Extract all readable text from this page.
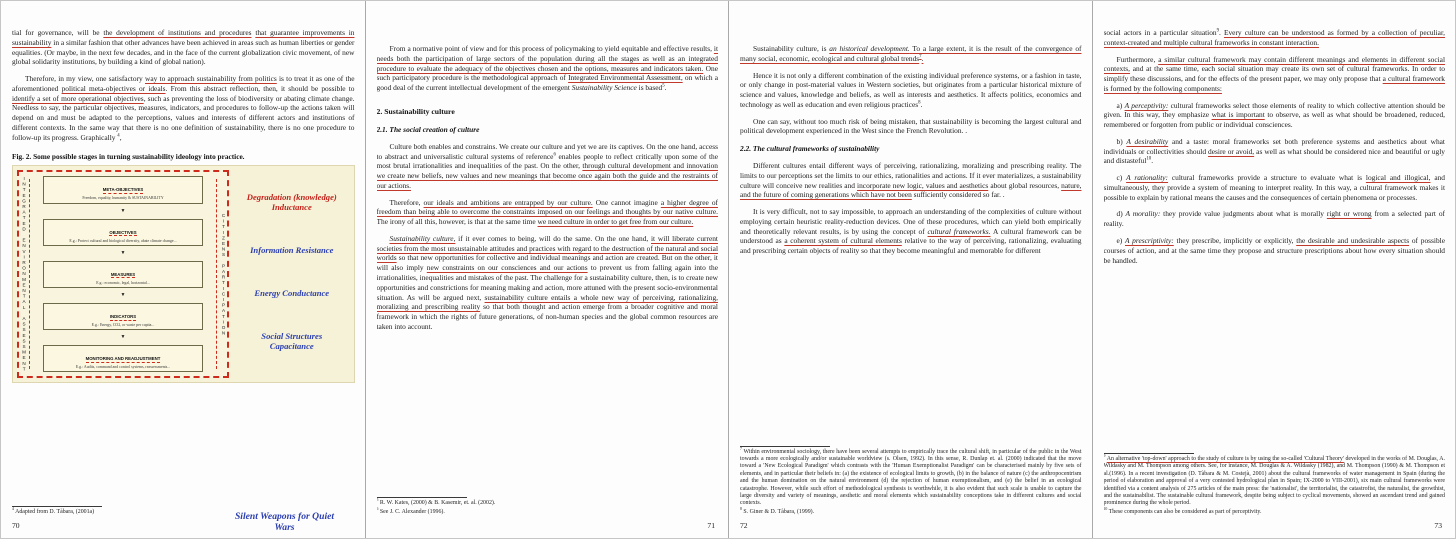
tial for governance, will be the development of institutions and procedures that guarantee improvements in sustainability in a similar fashion that other advances have been achieved in areas such as human liberties or gender equalities. (Or maybe, in the next few decades, and in the face of the current globalization civic movement, of new global solidarity institutions, by building a kind of global nation).

Therefore, in my view, one satisfactory way to approach sustainability from politics is to treat it as one of the aforementioned political meta-objectives or ideals. From this abstract reflection, then, it should be possible to identify a set of more operational objectives, such as preventing the loss of biodiversity or abating climate change. Needless to say, the particular objectives, measures, indicators, and procedures to follow-up the actions taken will depend on and must be adapted to the perceptions, values and interests of different actors and institutions of different contexts. In the same way that there is no one definition of sustainability, there is no one procedure to follow-up its progress. Graphically $^4$,

Fig. 2. Some possible stages in turning sustainability ideology into practice.

INTEGRATED ENVIRONMENTAL ASSESSMENT	META-OBJECTIVES
Freedom, equality, humanity & SUSTAINABILITY
▼
OBJECTIVES
E.g.: Protect cultural and biological diversity, abate climate change...
▼
MEASURES
E.g.: economic, legal, horizontal...
▼
INDICATORS
E.g.: Energy, CO2, or waste per capita...
▼
MONITORING AND READJUSTMENT
E.g.: Audits, command and control systems, reassessments...
CITIZENS PARTICIPATION
Degradation (knowledge) Inductance
Information Resistance
Energy Conductance
Social Structures Capacitance

$^4$ Adapted from D. Tàbara, (2001a)

70
Silent Weapons for Quiet Wars

From a normative point of view and for this process of policymaking to yield equitable and effective results, it needs both the participation of large sectors of the population during all the stages as well as an integrated procedure to evaluate the adequacy of the objectives chosen and the options, measures and indicators taken. One such participatory procedure is the methodological approach of Integrated Environmental Assessment, on which a good deal of the current intellectual development of the emergent Sustainability Science is based$^5$.

2. Sustainability culture
2.1. The social creation of culture

Culture both enables and constrains. We create our culture and yet we are its captives. On the one hand, access to abstract and universalistic cultural systems of reference$^6$ enables people to reflect critically upon some of the most brutal irrationalities and inequalities of the past. On the other, through cultural development and innovation we create new beliefs, new values and new meanings that become once again both the guide and the restraints of our actions.

Therefore, our ideals and ambitions are entrapped by our culture. One cannot imagine a higher degree of freedom than being able to overcome the constraints imposed on our feelings and thoughts by our native culture. The irony of all this, however, is that at the same time we need culture in order to get free from our culture.

Sustainability culture, if it ever comes to being, will do the same. On the one hand, it will liberate current societies from the most unsustainable attitudes and practices with regard to the destruction of the natural and social worlds so that new opportunities for collective and individual meanings and action are created. But on the other, it will also imply new constraints on our consciences and our actions to prevent us from falling again into the irrationalities, inequalities and mistakes of the past. The challenge for a sustainability culture, then, is to create new opportunities and constrictions for meaning making and action, more attuned with the present socio-environmental situation. As will be argued next, sustainability culture entails a whole new way of perceiving, rationalizing, moralizing and prescribing reality so that both thought and action emerge from a broader cognitive and moral framework in which the rights of future generations, of non-human species and the global common resources are taken into account.

$^5$ R. W. Kates, (2000) & B. Kasemir, et. al. (2002).

$^6$ See J. C. Alexander (1996).

71

Sustainability culture, is an historical development. To a large extent, it is the result of the convergence of many social, economic, ecological and cultural global trends$^7$.

Hence it is not only a different combination of the existing individual preference systems, or a fashion in taste, or only change in post-material values in Western societies, but originates from a particular historical mixture of science and values, knowledge and beliefs, as well as interests and aesthetics. It affects politics, economics and technology as well as education and even religious practices$^8$.

One can say, without too much risk of being mistaken, that sustainability is becoming the largest cultural and political development experienced in the West since the French Revolution. .

2.2. The cultural frameworks of sustainability

Different cultures entail different ways of perceiving, rationalizing, moralizing and prescribing reality. The limits to our perceptions set the limits to our ethics, rationalities and actions. If it ever materializes, a sustainability culture will conceive new realities and incorporate new logic, values and aesthetics about global resources, nature, and the future of coming generations which have not been sufficiently considered so far. .

It is very difficult, not to say impossible, to approach an understanding of the complexities of culture without employing certain heuristic reality-reduction devices. One of these procedures, which can yield both empirically and theoretically relevant results, is by using the concept of cultural frameworks. A cultural framework can be understood as a coherent system of cultural elements relative to the way of perceiving, rationalizing, evaluating and prescribing certain objects of reality so that they become meaningful and memorable for different

$^7$ Within environmental sociology, there have been several attempts to empirically trace the cultural shift, in particular of the public in the West towards a more ecologically and/or sustainable worldview (s. Olsen, 1992). In this sense, R. Dunlap et. al. (2000) indicated that the move toward a 'New Ecological Paradigm' which contrasts with the 'Human Exemptionalist Paradigm' can be characterised mainly by five sets of elements, and in particular their beliefs in: (a) the existence of ecological limits to growth, (b) in the balance of nature (c) the anthropocentrism and the human domination on the natural environment (d) the rejection of human exemptionalism, and (e) the belief in an ecological catastrophe. However, while such effort of methodological synthesis is worthwhile, it is also evident that such scale is unable to capture the large diversity and variety of meanings, aesthetic and moral elements which sustainability conceptions take in different cultures and social contexts.

$^8$ S. Giner & D. Tàbara, (1999).

72

social actors in a particular situation$^9$. Every culture can be understood as formed by a collection of peculiar, context-created and multiple cultural frameworks in constant interaction.

Furthermore, a similar cultural framework may contain different meanings and elements in different social contexts, and at the same time, each social situation may create its own set of cultural frameworks. In order to simplify these discussions, and for the effects of the present paper, we may only propose that a cultural framework is formed by the following components:

a) A perceptivity: cultural frameworks select those elements of reality to which collective attention should be given. In this way, they emphasize what is important to observe, as well as what should be broadened, reduced, remembered or forgotten from public or individual consciences.

b) A desirability and a taste: moral frameworks set both preference systems and aesthetics about what individuals or collectivities should desire or avoid, as well as what should be considered nice and beautiful or ugly and distasteful$^{10}$.

c) A rationality: cultural frameworks provide a structure to evaluate what is logical and illogical, and simultaneously, they provide a system of meaning to interpret reality. In this way, a cultural framework makes it possible to explain by rational means the causes and the consequences of certain phenomena or processes.

d) A morality: they provide value judgments about what is morally right or wrong from a selected part of reality.

e) A prescriptivity: they prescribe, implicitly or explicitly, the desirable and undesirable aspects of possible courses of action, and at the same time they propose and structure prescriptions about how every situation should be handled.

$^9$ An alternative 'top-down' approach to the study of culture is by using the so-called 'Cultural Theory' developed in the works of M. Douglas, A. Wildasky and M. Thompson among others. See, for instance, M. Douglas & A. Wildasky (1982), and M. Thompson (1990) & M. Thompson et al.(1996). In a recent investigation (D. Tàbara & M. Costejà, 2001) about the cultural frameworks of water management in Spain (during the period of elaboration and approval of a very contested hydrological plan in Spain; IX-2000 to VIII-2001), six main cultural frameworks were identified via a content analysis of 275 articles of the main press: the 'nationalist', the territorialist, the catastrofist, the naturalist, the growthist, and the sustainabilist. The sustainable cultural framework, despite being subject to cyclical movements, showed an ascendant trend and gained prominence during the whole period.

$^{10}$ These components can also be considered as part of perceptivity.

73
